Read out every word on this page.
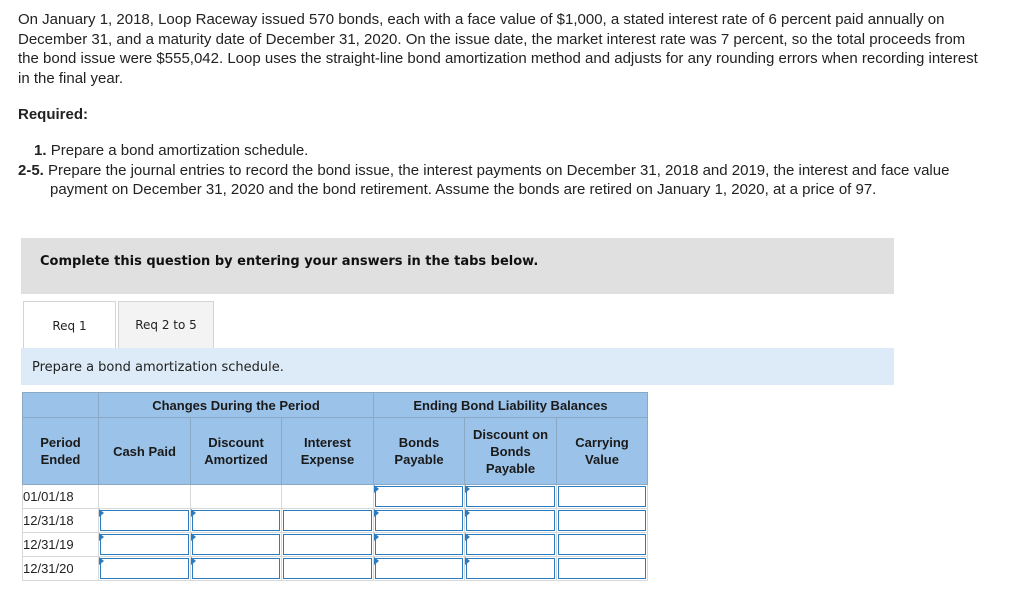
On January 1, 2018, Loop Raceway issued 570 bonds, each with a face value of $1,000, a stated interest rate of 6 percent paid annually on December 31, and a maturity date of December 31, 2020. On the issue date, the market interest rate was 7 percent, so the total proceeds from the bond issue were $555,042. Loop uses the straight-line bond amortization method and adjusts for any rounding errors when recording interest in the final year.
Required:
1. Prepare a bond amortization schedule.
2-5. Prepare the journal entries to record the bond issue, the interest payments on December 31, 2018 and 2019, the interest and face value payment on December 31, 2020 and the bond retirement. Assume the bonds are retired on January 1, 2020, at a price of 97.
Complete this question by entering your answers in the tabs below.
Req 1	Req 2 to 5
Prepare a bond amortization schedule.
	Changes During the Period			Ending Bond Liability Balances		
Period Ended	Cash Paid	Discount Amortized	Interest Expense	Bonds Payable	Discount on Bonds Payable	Carrying Value
01/01/18				

12/31/18	

12/31/19	

12/31/20	
